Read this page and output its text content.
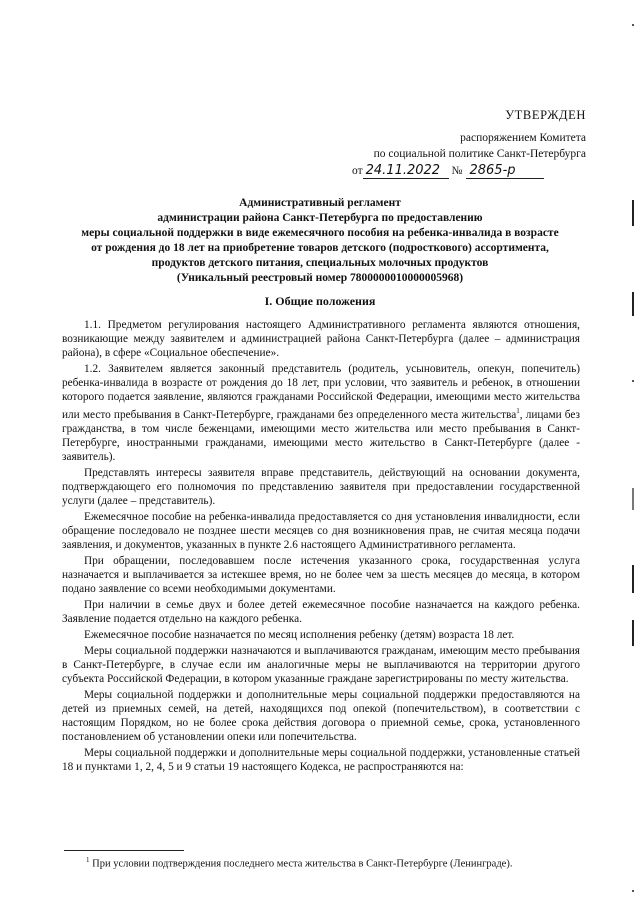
УТВЕРЖДЕН
распоряжением Комитета
по социальной политике Санкт-Петербурга
от 24.11.2022 № 2865-р
Административный регламент
администрации района Санкт-Петербурга по предоставлению
меры социальной поддержки в виде ежемесячного пособия на ребенка-инвалида в возрасте
от рождения до 18 лет на приобретение товаров детского (подросткового) ассортимента,
продуктов детского питания, специальных молочных продуктов
(Уникальный реестровый номер 7800000010000005968)
I. Общие положения

1.1. Предметом регулирования настоящего Административного регламента являются отношения, возникающие между заявителем и администрацией района Санкт-Петербурга (далее – администрация района), в сфере «Социальное обеспечение».

1.2. Заявителем является законный представитель (родитель, усыновитель, опекун, попечитель) ребенка-инвалида в возрасте от рождения до 18 лет, при условии, что заявитель и ребенок, в отношении которого подается заявление, являются гражданами Российской Федерации, имеющими место жительства или место пребывания в Санкт-Петербурге, гражданами без определенного места жительства$^1$, лицами без гражданства, в том числе беженцами, имеющими место жительства или место пребывания в Санкт-Петербурге, иностранными гражданами, имеющими место жительство в Санкт-Петербурге (далее - заявитель).

Представлять интересы заявителя вправе представитель, действующий на основании документа, подтверждающего его полномочия по представлению заявителя при предоставлении государственной услуги (далее – представитель).

Ежемесячное пособие на ребенка-инвалида предоставляется со дня установления инвалидности, если обращение последовало не позднее шести месяцев со дня возникновения прав, не считая месяца подачи заявления, и документов, указанных в пункте 2.6 настоящего Административного регламента.

При обращении, последовавшем после истечения указанного срока, государственная услуга назначается и выплачивается за истекшее время, но не более чем за шесть месяцев до месяца, в котором подано заявление со всеми необходимыми документами.

При наличии в семье двух и более детей ежемесячное пособие назначается на каждого ребенка. Заявление подается отдельно на каждого ребенка.

Ежемесячное пособие назначается по месяц исполнения ребенку (детям) возраста 18 лет.

Меры социальной поддержки назначаются и выплачиваются гражданам, имеющим место пребывания в Санкт-Петербурге, в случае если им аналогичные меры не выплачиваются на территории другого субъекта Российской Федерации, в котором указанные граждане зарегистрированы по месту жительства.

Меры социальной поддержки и дополнительные меры социальной поддержки предоставляются на детей из приемных семей, на детей, находящихся под опекой (попечительством), в соответствии с настоящим Порядком, но не более срока действия договора о приемной семье, срока, установленного постановлением об установлении опеки или попечительства.

Меры социальной поддержки и дополнительные меры социальной поддержки, установленные статьей 18 и пунктами 1, 2, 4, 5 и 9 статьи 19 настоящего Кодекса, не распространяются на:

$^1$ При условии подтверждения последнего места жительства в Санкт-Петербурге (Ленинграде).
